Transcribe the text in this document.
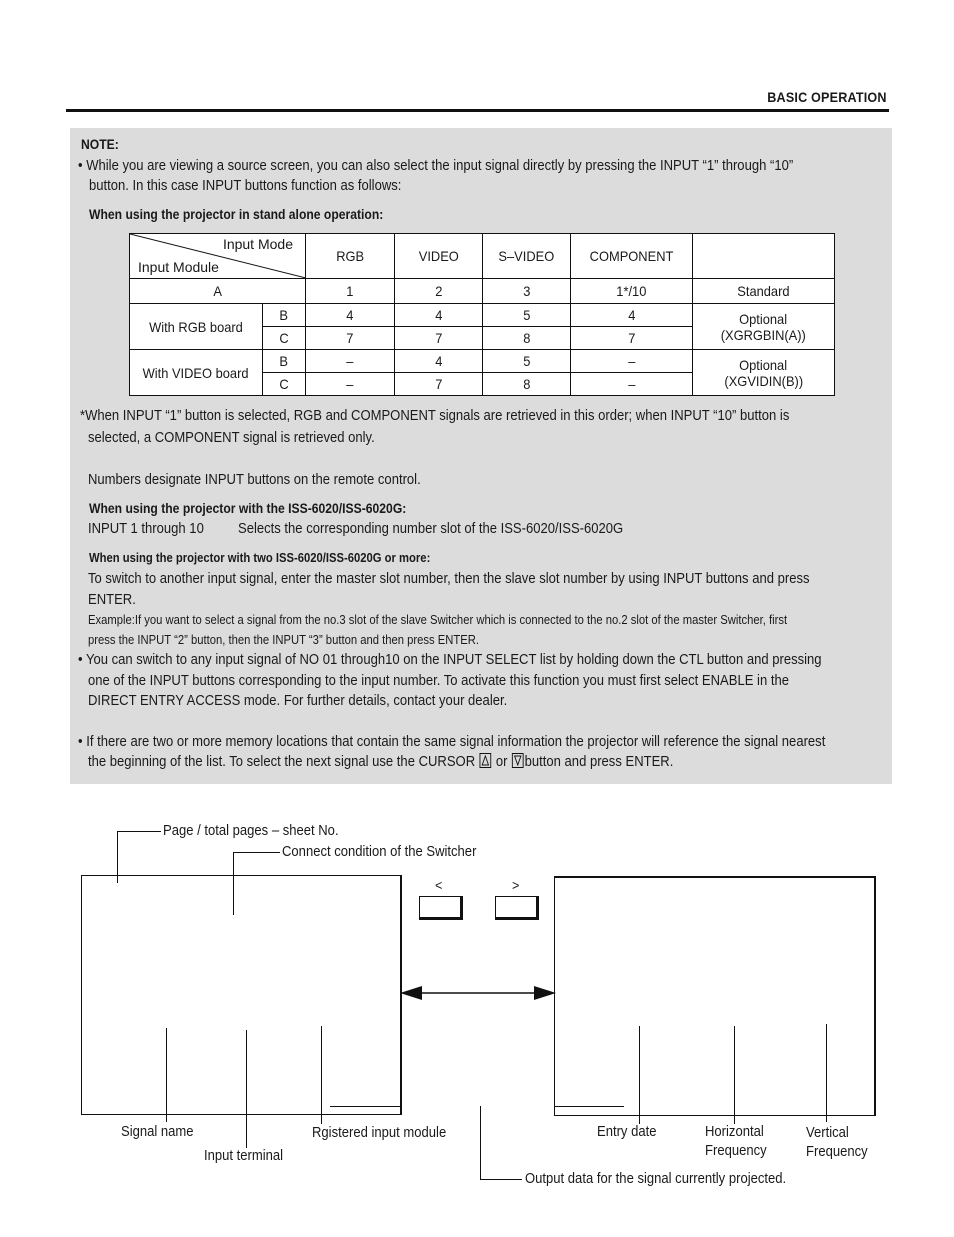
BASIC OPERATION
NOTE:
• While you are viewing a source screen, you can also select the input signal directly by pressing the INPUT “1” through “10”
button. In this case INPUT buttons function as follows:
When using the projector in stand alone operation:
Input Mode
Input Module		RGB	VIDEO	S–VIDEO	COMPONENT	
A		1	2	3	1*/10	Standard
With RGB board	B	4	4	5	4	Optional
(XGRGBIN(A))
	C	7	7	8	7	
With VIDEO board	B	–	4	5	–	Optional
(XGVIDIN(B))
	C	–	7	8	–	
*When INPUT “1” button is selected, RGB and COMPONENT signals are retrieved in this order; when INPUT “10” button is
selected, a COMPONENT signal is retrieved only.
Numbers designate INPUT buttons on the remote control.
When using the projector with the ISS-6020/ISS-6020G:
INPUT 1 through 10 Selects the corresponding number slot of the ISS-6020/ISS-6020G
When using the projector with two ISS-6020/ISS-6020G or more:
To switch to another input signal, enter the master slot number, then the slave slot number by using INPUT buttons and press
ENTER.
Example:If you want to select a signal from the no.3 slot of the slave Switcher which is connected to the no.2 slot of the master Switcher, first
press the INPUT “2” button, then the INPUT “3” button and then press ENTER.
• You can switch to any input signal of NO 01 through10 on the INPUT SELECT list by holding down the CTL button and pressing
one of the INPUT buttons corresponding to the input number. To activate this function you must first select ENABLE in the
DIRECT ENTRY ACCESS mode. For further details, contact your dealer.
• If there are two or more memory locations that contain the same signal information the projector will reference the signal nearest
the beginning of the list. To select the next signal use the CURSOR or button and press ENTER.
Page / total pages – sheet No.
Connect condition of the Switcher
<	>
Signal name
Input terminal
Rgistered input module	Entry date	Horizontal
Frequency
Vertical
Frequency
Output data for the signal currently projected.
